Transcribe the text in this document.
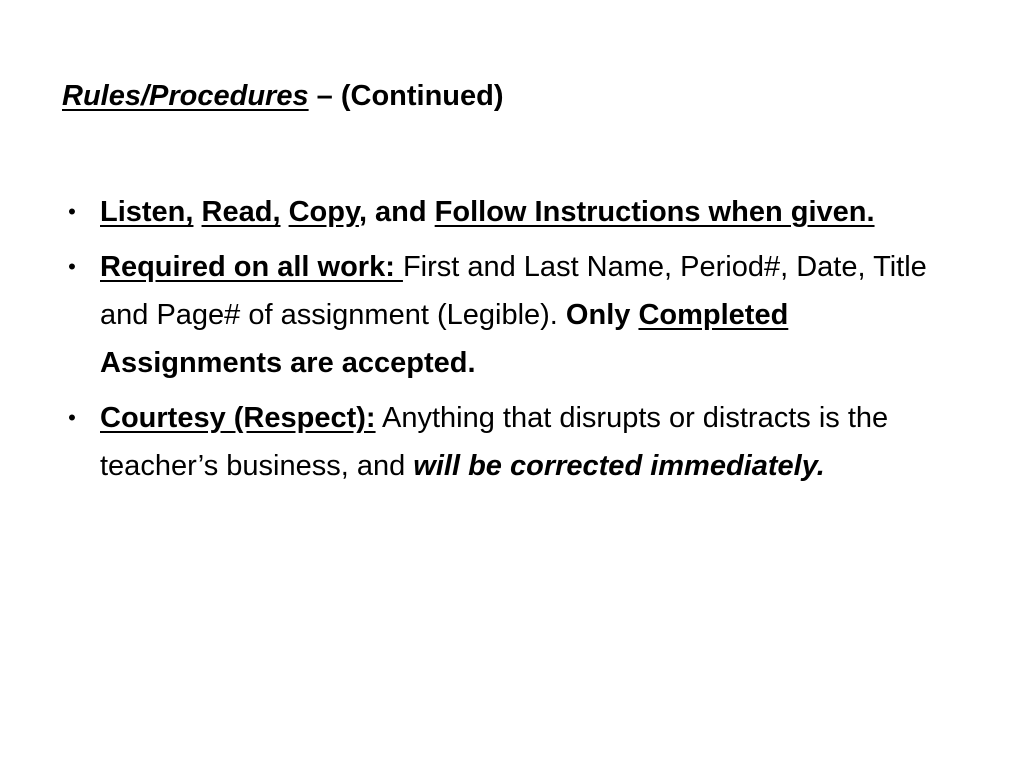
Rules/Procedures – (Continued)
• Listen, Read, Copy, and Follow Instructions when given.
• Required on all work: First and Last Name, Period#, Date, Title and Page# of assignment (Legible). Only Completed Assignments are accepted.
• Courtesy (Respect): Anything that disrupts or distracts is the teacher’s business, and will be corrected immediately.
